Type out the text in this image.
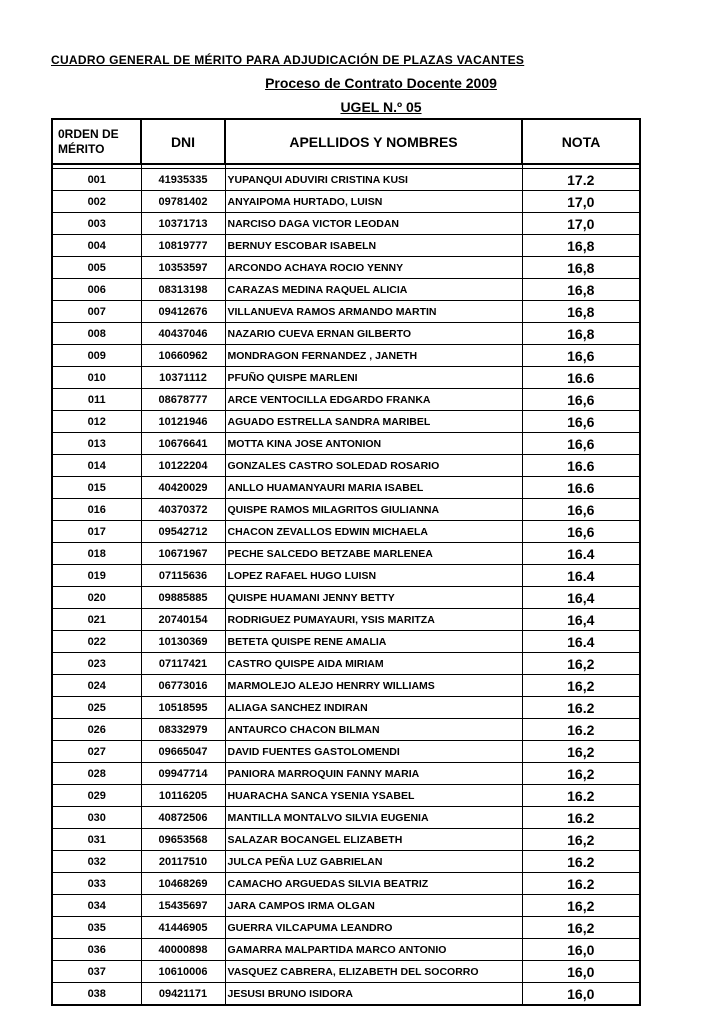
CUADRO GENERAL DE MÉRITO PARA ADJUDICACIÓN DE PLAZAS VACANTES
Proceso de Contrato Docente 2009
UGEL N.º 05
0RDEN DE MÉRITO	DNI	APELLIDOS Y NOMBRES	NOTA

001	41935335	YUPANQUI ADUVIRI CRISTINA KUSI	17.2
002	09781402	ANYAIPOMA HURTADO, LUISN	17,0
003	10371713	NARCISO DAGA VICTOR LEODAN	17,0
004	10819777	BERNUY ESCOBAR ISABELN	16,8
005	10353597	ARCONDO ACHAYA ROCIO YENNY	16,8
006	08313198	CARAZAS MEDINA RAQUEL ALICIA	16,8
007	09412676	VILLANUEVA RAMOS ARMANDO MARTIN	16,8
008	40437046	NAZARIO CUEVA ERNAN GILBERTO	16,8
009	10660962	MONDRAGON FERNANDEZ , JANETH	16,6
010	10371112	PFUÑO QUISPE MARLENI	16.6
011	08678777	ARCE VENTOCILLA EDGARDO FRANKA	16,6
012	10121946	AGUADO ESTRELLA SANDRA MARIBEL	16,6
013	10676641	MOTTA KINA JOSE ANTONION	16,6
014	10122204	GONZALES CASTRO SOLEDAD ROSARIO	16.6
015	40420029	ANLLO HUAMANYAURI MARIA ISABEL	16.6
016	40370372	QUISPE RAMOS MILAGRITOS GIULIANNA	16,6
017	09542712	CHACON ZEVALLOS EDWIN MICHAELA	16,6
018	10671967	PECHE SALCEDO BETZABE MARLENEA	16.4
019	07115636	LOPEZ RAFAEL HUGO LUISN	16.4
020	09885885	QUISPE HUAMANI JENNY BETTY	16,4
021	20740154	RODRIGUEZ PUMAYAURI, YSIS MARITZA	16,4
022	10130369	BETETA QUISPE RENE AMALIA	16.4
023	07117421	CASTRO QUISPE AIDA MIRIAM	16,2
024	06773016	MARMOLEJO ALEJO HENRRY WILLIAMS	16,2
025	10518595	ALIAGA SANCHEZ INDIRAN	16.2
026	08332979	ANTAURCO CHACON BILMAN	16.2
027	09665047	DAVID FUENTES GASTOLOMENDI	16,2
028	09947714	PANIORA MARROQUIN FANNY MARIA	16,2
029	10116205	HUARACHA SANCA YSENIA YSABEL	16.2
030	40872506	MANTILLA MONTALVO SILVIA EUGENIA	16.2
031	09653568	SALAZAR BOCANGEL ELIZABETH	16,2
032	20117510	JULCA PEÑA LUZ GABRIELAN	16.2
033	10468269	CAMACHO ARGUEDAS SILVIA BEATRIZ	16.2
034	15435697	JARA CAMPOS IRMA OLGAN	16,2
035	41446905	GUERRA VILCAPUMA LEANDRO	16,2
036	40000898	GAMARRA MALPARTIDA MARCO ANTONIO	16,0
037	10610006	VASQUEZ CABRERA, ELIZABETH DEL SOCORRO	16,0
038	09421171	JESUSI BRUNO ISIDORA	16,0
